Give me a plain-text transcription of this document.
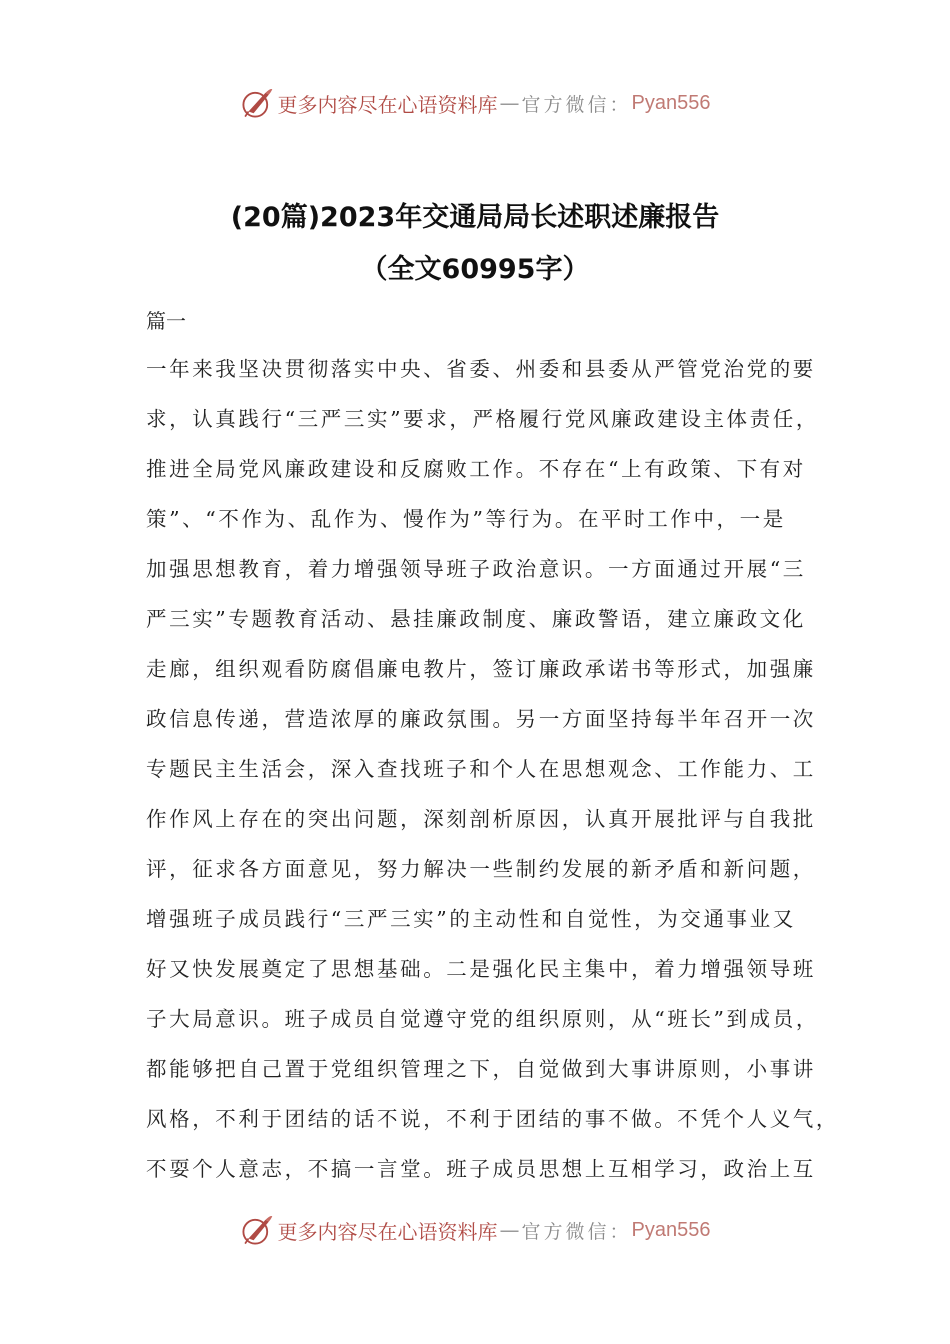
更多内容尽在心语资料库 — 官方微信： Pyan556
(20篇)2023年交通局局长述职述廉报告
（全文60995字）
篇一
一年来我坚决贯彻落实中央、省委、州委和县委从严管党治党的要
求，认真践行“三严三实”要求，严格履行党风廉政建设主体责任，
推进全局党风廉政建设和反腐败工作。不存在“上有政策、下有对
策”、“不作为、乱作为、慢作为”等行为。在平时工作中，一是
加强思想教育，着力增强领导班子政治意识。一方面通过开展“三
严三实”专题教育活动、悬挂廉政制度、廉政警语，建立廉政文化
走廊，组织观看防腐倡廉电教片，签订廉政承诺书等形式，加强廉
政信息传递，营造浓厚的廉政氛围。另一方面坚持每半年召开一次
专题民主生活会，深入查找班子和个人在思想观念、工作能力、工
作作风上存在的突出问题，深刻剖析原因，认真开展批评与自我批
评，征求各方面意见，努力解决一些制约发展的新矛盾和新问题，
增强班子成员践行“三严三实”的主动性和自觉性，为交通事业又
好又快发展奠定了思想基础。二是强化民主集中，着力增强领导班
子大局意识。班子成员自觉遵守党的组织原则，从“班长”到成员，
都能够把自己置于党组织管理之下，自觉做到大事讲原则，小事讲
风格，不利于团结的话不说，不利于团结的事不做。不凭个人义气，
不耍个人意志，不搞一言堂。班子成员思想上互相学习，政治上互
更多内容尽在心语资料库 — 官方微信： Pyan556
